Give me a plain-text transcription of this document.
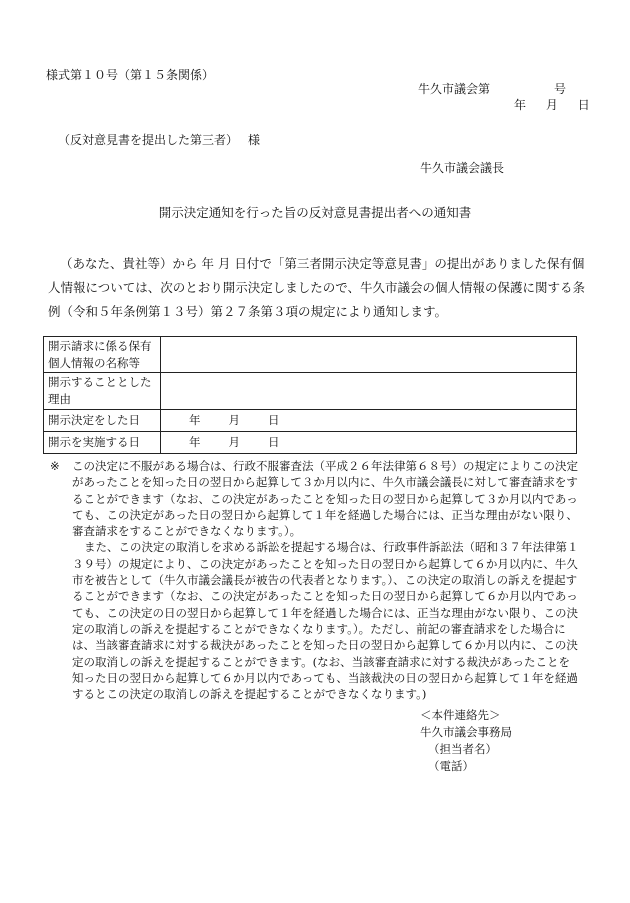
様式第１０号（第１５条関係）
牛久市議会第	号
年 月 日
（反対意見書を提出した第三者） 様
牛久市議会議長
開示決定通知を行った旨の反対意見書提出者への通知書
（あなた、貴社等）から 年 月 日付で「第三者開示決定等意見書」の提出がありました保有個人情報については、次のとおり開示決定しましたので、牛久市議会の個人情報の保護に関する条例（令和５年条例第１３号）第２７条第３項の規定により通知します。
開示請求に係る保有個人情報の名称等	
開示することとした理由	
開示決定をした日	年 月 日
開示を実施する日	年 月 日
※ この決定に不服がある場合は、行政不服審査法（平成２６年法律第６８号）の規定によりこの決定があったことを知った日の翌日から起算して３か月以内に、牛久市議会議長に対して審査請求をすることができます（なお、この決定があったことを知った日の翌日から起算して３か月以内であっても、この決定があった日の翌日から起算して１年を経過した場合には、正当な理由がない限り、審査請求をすることができなくなります。）。

また、この決定の取消しを求める訴訟を提起する場合は、行政事件訴訟法（昭和３７年法律第１３９号）の規定により、この決定があったことを知った日の翌日から起算して６か月以内に、牛久市を被告として（牛久市議会議長が被告の代表者となります。）、この決定の取消しの訴えを提起することができます（なお、この決定があったことを知った日の翌日から起算して６か月以内であっても、この決定の日の翌日から起算して１年を経過した場合には、正当な理由がない限り、この決定の取消しの訴えを提起することができなくなります。）。ただし、前記の審査請求をした場合には、当該審査請求に対する裁決があったことを知った日の翌日から起算して６か月以内に、この決定の取消しの訴えを提起することができます。(なお、当該審査請求に対する裁決があったことを知った日の翌日から起算して６か月以内であっても、当該裁決の日の翌日から起算して１年を経過するとこの決定の取消しの訴えを提起することができなくなります。)

＜本件連絡先＞
牛久市議会事務局
（担当者名）
（電話）
